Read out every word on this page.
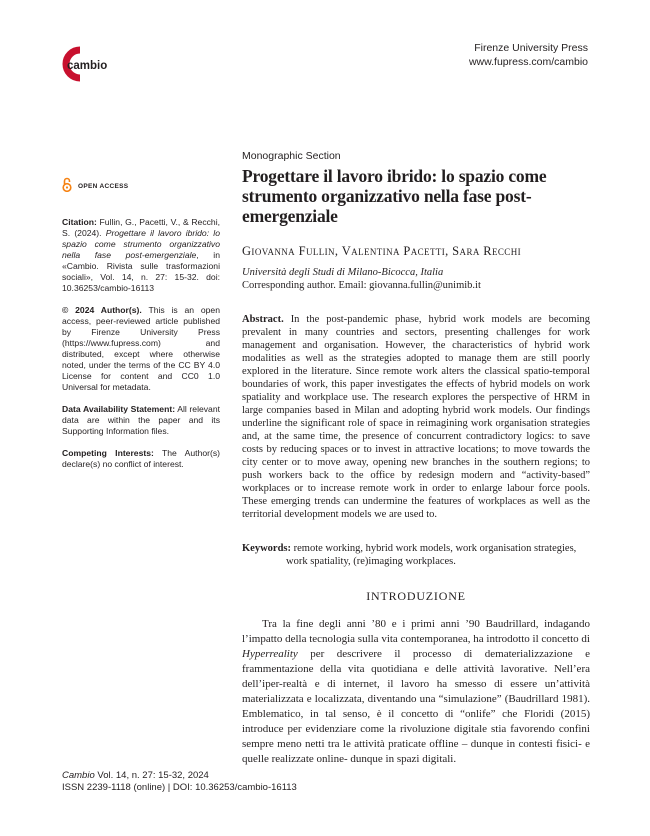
cambio
Firenze University Press
www.fupress.com/cambio
OPEN ACCESS
Citation: Fullin, G., Pacetti, V., & Recchi, S. (2024). Progettare il lavoro ibrido: lo spazio come strumento organizzativo nella fase post-emergenziale, in «Cambio. Rivista sulle trasformazioni sociali», Vol. 14, n. 27: 15-32. doi: 10.36253/cambio-16113
© 2024 Author(s). This is an open access, peer-reviewed article published by Firenze University Press (https://www.fupress.com) and distributed, except where otherwise noted, under the terms of the CC BY 4.0 License for content and CC0 1.0 Universal for metadata.
Data Availability Statement: All relevant data are within the paper and its Supporting Information files.
Competing Interests: The Author(s) declare(s) no conflict of interest.
Monographic Section
Progettare il lavoro ibrido: lo spazio come strumento organizzativo nella fase post-emergenziale
Giovanna Fullin, Valentina Pacetti, Sara Recchi
Università degli Studi di Milano-Bicocca, Italia
Corresponding author. Email: giovanna.fullin@unimib.it
Abstract. In the post-pandemic phase, hybrid work models are becoming prevalent in many countries and sectors, presenting challenges for work management and organisation. However, the characteristics of hybrid work modalities as well as the strategies adopted to manage them are still poorly explored in the literature. Since remote work alters the classical spatio-temporal boundaries of work, this paper investigates the effects of hybrid models on work spatiality and workplace use. The research explores the perspective of HRM in large companies based in Milan and adopting hybrid work models. Our findings underline the significant role of space in reimagining work organisation strategies and, at the same time, the presence of concurrent contradictory logics: to save costs by reducing spaces or to invest in attractive locations; to move towards the city center or to move away, opening new branches in the southern regions; to push workers back to the office by redesign modern and “activity-based” workplaces or to increase remote work in order to enlarge labour force pools. These emerging trends can undermine the features of workplaces as well as the territorial development models we are used to.
Keywords: remote working, hybrid work models, work organisation strategies, work spatiality, (re)imaging workplaces.
INTRODUZIONE
Tra la fine degli anni ’80 e i primi anni ’90 Baudrillard, indagando l’impatto della tecnologia sulla vita contemporanea, ha introdotto il concetto di Hyperreality per descrivere il processo di dematerializzazione e frammentazione della vita quotidiana e delle attività lavorative. Nell’era dell’iper-realtà e di internet, il lavoro ha smesso di essere un’attività materializzata e localizzata, diventando una “simulazione” (Baudrillard 1981). Emblematico, in tal senso, è il concetto di “onlife” che Floridi (2015) introduce per evidenziare come la rivoluzione digitale stia favorendo confini sempre meno netti tra le attività praticate offline – dunque in contesti fisici- e quelle realizzate online- dunque in spazi digitali.
Cambio Vol. 14, n. 27: 15-32, 2024
ISSN 2239-1118 (online) | DOI: 10.36253/cambio-16113
